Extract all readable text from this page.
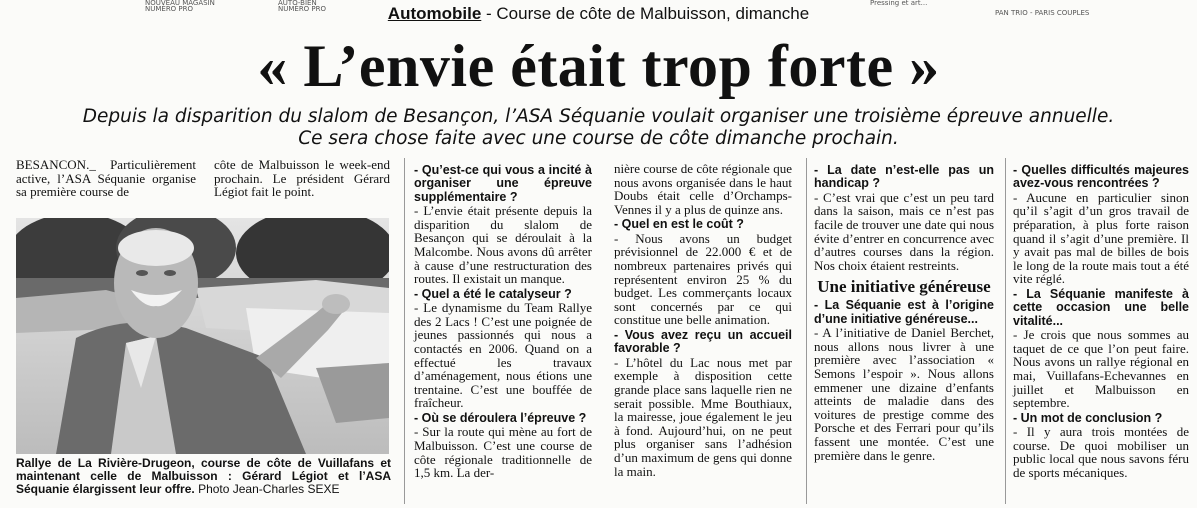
NOUVEAU MAGASIN
NUMÉRO PRO
AUTO-BIEN
NUMÉRO PRO
Pressing et art...
PAN TRIO - PARIS COUPLES
Automobile - Course de côte de Malbuisson, dimanche
« L’envie était trop forte »
Depuis la disparition du slalom de Besançon, l’ASA Séquanie voulait organiser une troisième épreuve annuelle.
Ce sera chose faite avec une course de côte dimanche prochain.

BESANCON._ Particulièrement active, l’ASA Séquanie organise sa première course de

côte de Malbuisson le week-end prochain. Le président Gérard Légiot fait le point.

Rallye de La Rivière-Drugeon, course de côte de Vuillafans et maintenant celle de Malbuisson : Gérard Légiot et l’ASA Séquanie élargissent leur offre. Photo Jean-Charles SEXE

- Qu’est-ce qui vous a incité à organiser une épreuve supplémentaire ?

- L’envie était présente depuis la disparition du slalom de Besançon qui se déroulait à la Malcombe. Nous avons dû arrêter à cause d’une restructuration des routes. Il existait un manque.

- Quel a été le catalyseur ?

- Le dynamisme du Team Rallye des 2 Lacs ! C’est une poignée de jeunes passionnés qui nous a contactés en 2006. Quand on a effectué les travaux d’aménagement, nous étions une trentaine. C’est une bouffée de fraîcheur.

- Où se déroulera l’épreuve ?

- Sur la route qui mène au fort de Malbuisson. C’est une course de côte régionale traditionnelle de 1,5 km. La der-

nière course de côte régionale que nous avons organisée dans le haut Doubs était celle d’Orchamps-Vennes il y a plus de quinze ans.

- Quel en est le coût ?

- Nous avons un budget prévisionnel de 22.000 € et de nombreux partenaires privés qui représentent environ 25 % du budget. Les commerçants locaux sont concernés par ce qui constitue une belle animation.

- Vous avez reçu un accueil favorable ?

- L’hôtel du Lac nous met par exemple à disposition cette grande place sans laquelle rien ne serait possible. Mme Bouthiaux, la mairesse, joue également le jeu à fond. Aujourd’hui, on ne peut plus organiser sans l’adhésion d’un maximum de gens qui donne la main.

- La date n’est-elle pas un handicap ?

- C’est vrai que c’est un peu tard dans la saison, mais ce n’est pas facile de trouver une date qui nous évite d’entrer en concurrence avec d’autres courses dans la région. Nos choix étaient restreints.

Une initiative généreuse

- La Séquanie est à l’origine d’une initiative généreuse...

- A l’initiative de Daniel Berchet, nous allons nous livrer à une première avec l’association « Semons l’espoir ». Nous allons emmener une dizaine d’enfants atteints de maladie dans des voitures de prestige comme des Porsche et des Ferrari pour qu’ils fassent une montée. C’est une première dans le genre.

- Quelles difficultés majeures avez-vous rencontrées ?

- Aucune en particulier sinon qu’il s’agit d’un gros travail de préparation, à plus forte raison quand il s’agit d’une première. Il y avait pas mal de billes de bois le long de la route mais tout a été vite réglé.

- La Séquanie manifeste à cette occasion une belle vitalité...

- Je crois que nous sommes au taquet de ce que l’on peut faire. Nous avons un rallye régional en mai, Vuillafans-Echevannes en juillet et Malbuisson en septembre.

- Un mot de conclusion ?

- Il y aura trois montées de course. De quoi mobiliser un public local que nous savons féru de sports mécaniques.
